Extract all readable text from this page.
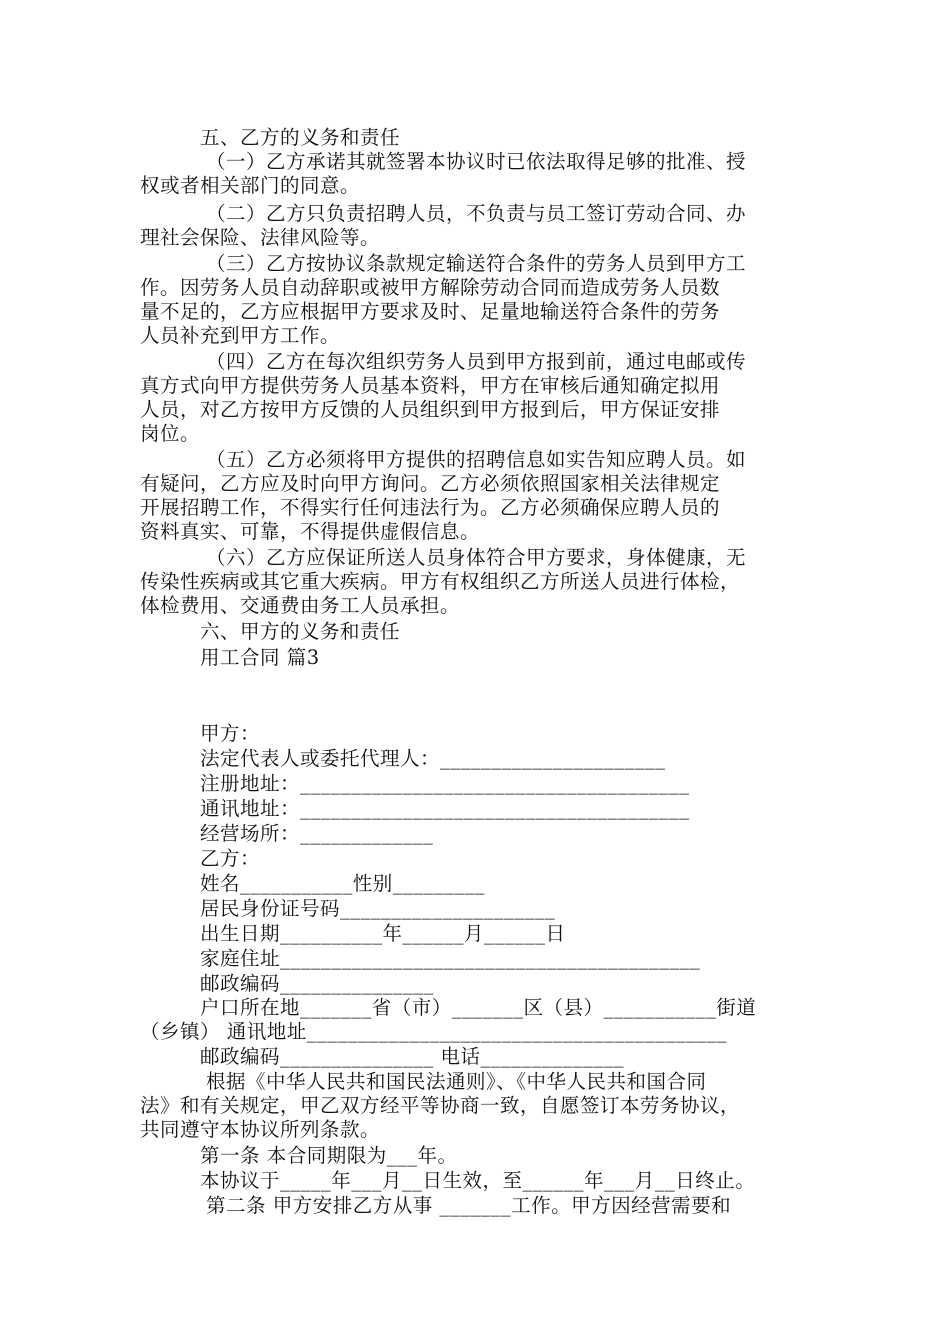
五、乙方的义务和责任
（一）乙方承诺其就签署本协议时已依法取得足够的批准、授
权或者相关部门的同意。
（二）乙方只负责招聘人员，不负责与员工签订劳动合同、办
理社会保险、法律风险等。
（三）乙方按协议条款规定输送符合条件的劳务人员到甲方工
作。因劳务人员自动辞职或被甲方解除劳动合同而造成劳务人员数
量不足的，乙方应根据甲方要求及时、足量地输送符合条件的劳务
人员补充到甲方工作。
（四）乙方在每次组织劳务人员到甲方报到前，通过电邮或传
真方式向甲方提供劳务人员基本资料，甲方在审核后通知确定拟用
人员，对乙方按甲方反馈的人员组织到甲方报到后，甲方保证安排
岗位。
（五）乙方必须将甲方提供的招聘信息如实告知应聘人员。如
有疑问，乙方应及时向甲方询问。乙方必须依照国家相关法律规定
开展招聘工作，不得实行任何违法行为。乙方必须确保应聘人员的
资料真实、可靠，不得提供虚假信息。
（六）乙方应保证所送人员身体符合甲方要求，身体健康，无
传染性疾病或其它重大疾病。甲方有权组织乙方所送人员进行体检，
体检费用、交通费由务工人员承担。
六、甲方的义务和责任
用工合同 篇3
甲方：
法定代表人或委托代理人：______________________
注册地址：______________________________________
通讯地址：______________________________________
经营场所：_____________
乙方：
姓名___________性别_________
居民身份证号码_____________________
出生日期__________年______月______日
家庭住址_________________________________________
邮政编码_______________
户口所在地_______省（市）_______区（县）___________街道
（乡镇） 通讯地址_________________________________________
邮政编码_______________ 电话______________
根据《中华人民共和国民法通则》、《中华人民共和国合同
法》和有关规定，甲乙双方经平等协商一致，自愿签订本劳务协议，
共同遵守本协议所列条款。
第一条 本合同期限为___年。
本协议于_____年___月__日生效，至______年___月__日终止。
第二条 甲方安排乙方从事 _______工作。甲方因经营需要和
